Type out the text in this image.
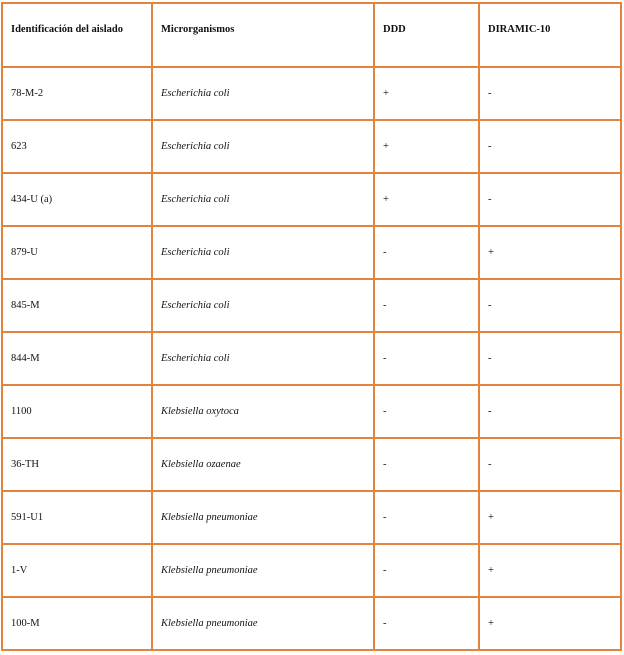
Identificación del aislado	Microrganismos	DDD	DIRAMIC-10
78-M-2	Escherichia coli	+	-
623	Escherichia coli	+	-
434-U (a)	Escherichia coli	+	-
879-U	Escherichia coli	-	+
845-M	Escherichia coli	-	-
844-M	Escherichia coli	-	-
1100	Klebsiella oxytoca	-	-
36-TH	Klebsiella ozaenae	-	-
591-U1	Klebsiella pneumoniae	-	+
1-V	Klebsiella pneumoniae	-	+
100-M	Klebsiella pneumoniae	-	+
